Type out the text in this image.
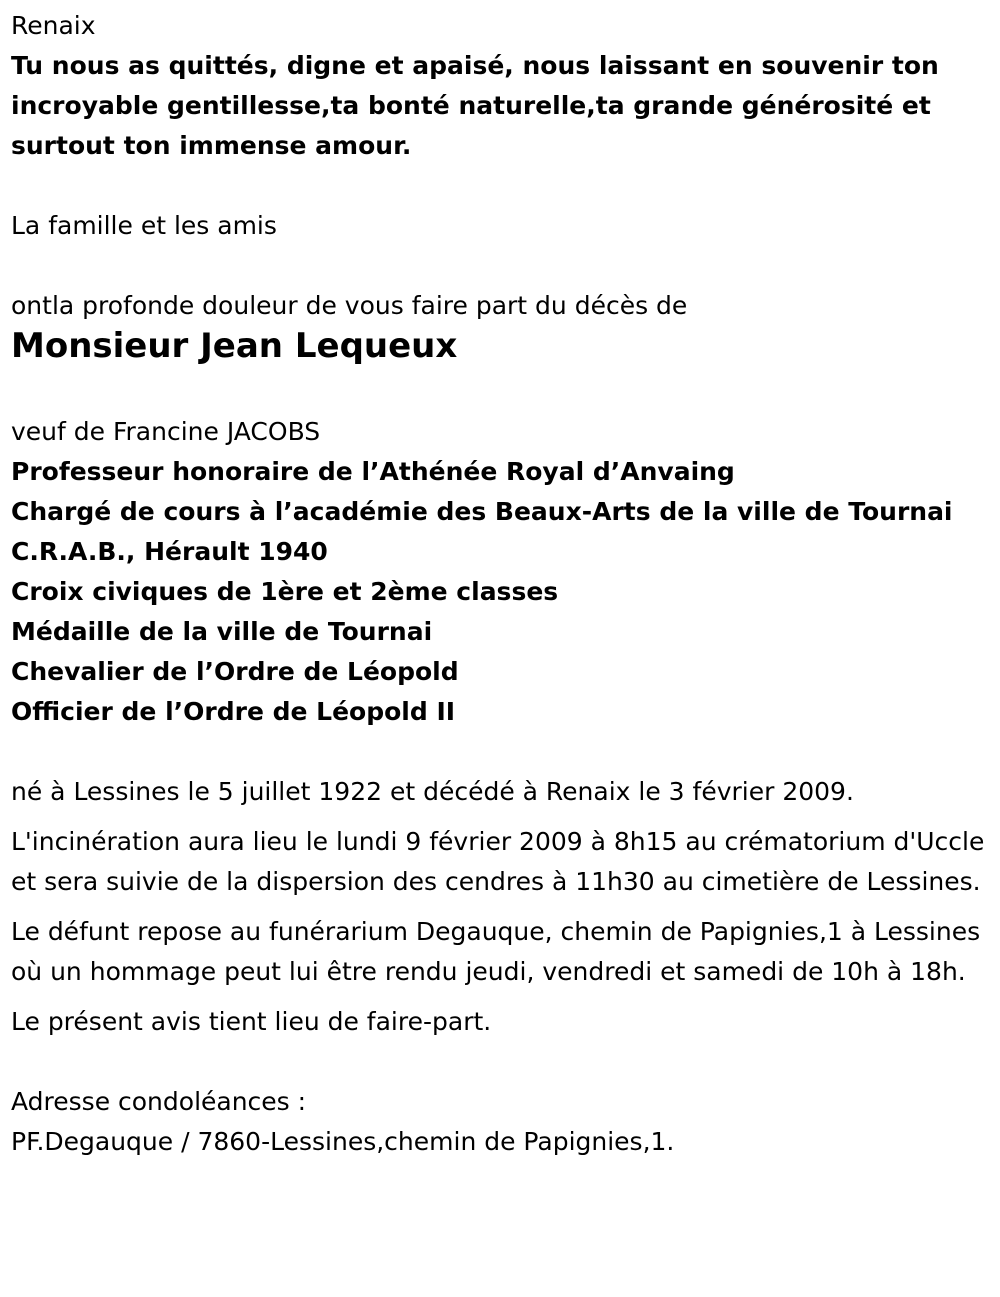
Renaix

Tu nous as quittés, digne et apaisé, nous laissant en souvenir ton incroyable gentillesse,ta bonté naturelle,ta grande générosité et surtout ton immense amour.

La famille et les amis

ontla profonde douleur de vous faire part du décès de

Monsieur Jean Lequeux

veuf de Francine JACOBS

Professeur honoraire de l’Athénée Royal d’Anvaing

Chargé de cours à l’académie des Beaux-Arts de la ville de Tournai

C.R.A.B., Hérault 1940

Croix civiques de 1ère et 2ème classes

Médaille de la ville de Tournai

Chevalier de l’Ordre de Léopold

Officier de l’Ordre de Léopold II

né à Lessines le 5 juillet 1922 et décédé à Renaix le 3 février 2009.

L'incinération aura lieu le lundi 9 février 2009 à 8h15 au crématorium d'Uccle et sera suivie de la dispersion des cendres à 11h30 au cimetière de Lessines.

Le défunt repose au funérarium Degauque, chemin de Papignies,1 à Lessines où un hommage peut lui être rendu jeudi, vendredi et samedi de 10h à 18h.

Le présent avis tient lieu de faire-part.

Adresse condoléances :

PF.Degauque / 7860-Lessines,chemin de Papignies,1.
